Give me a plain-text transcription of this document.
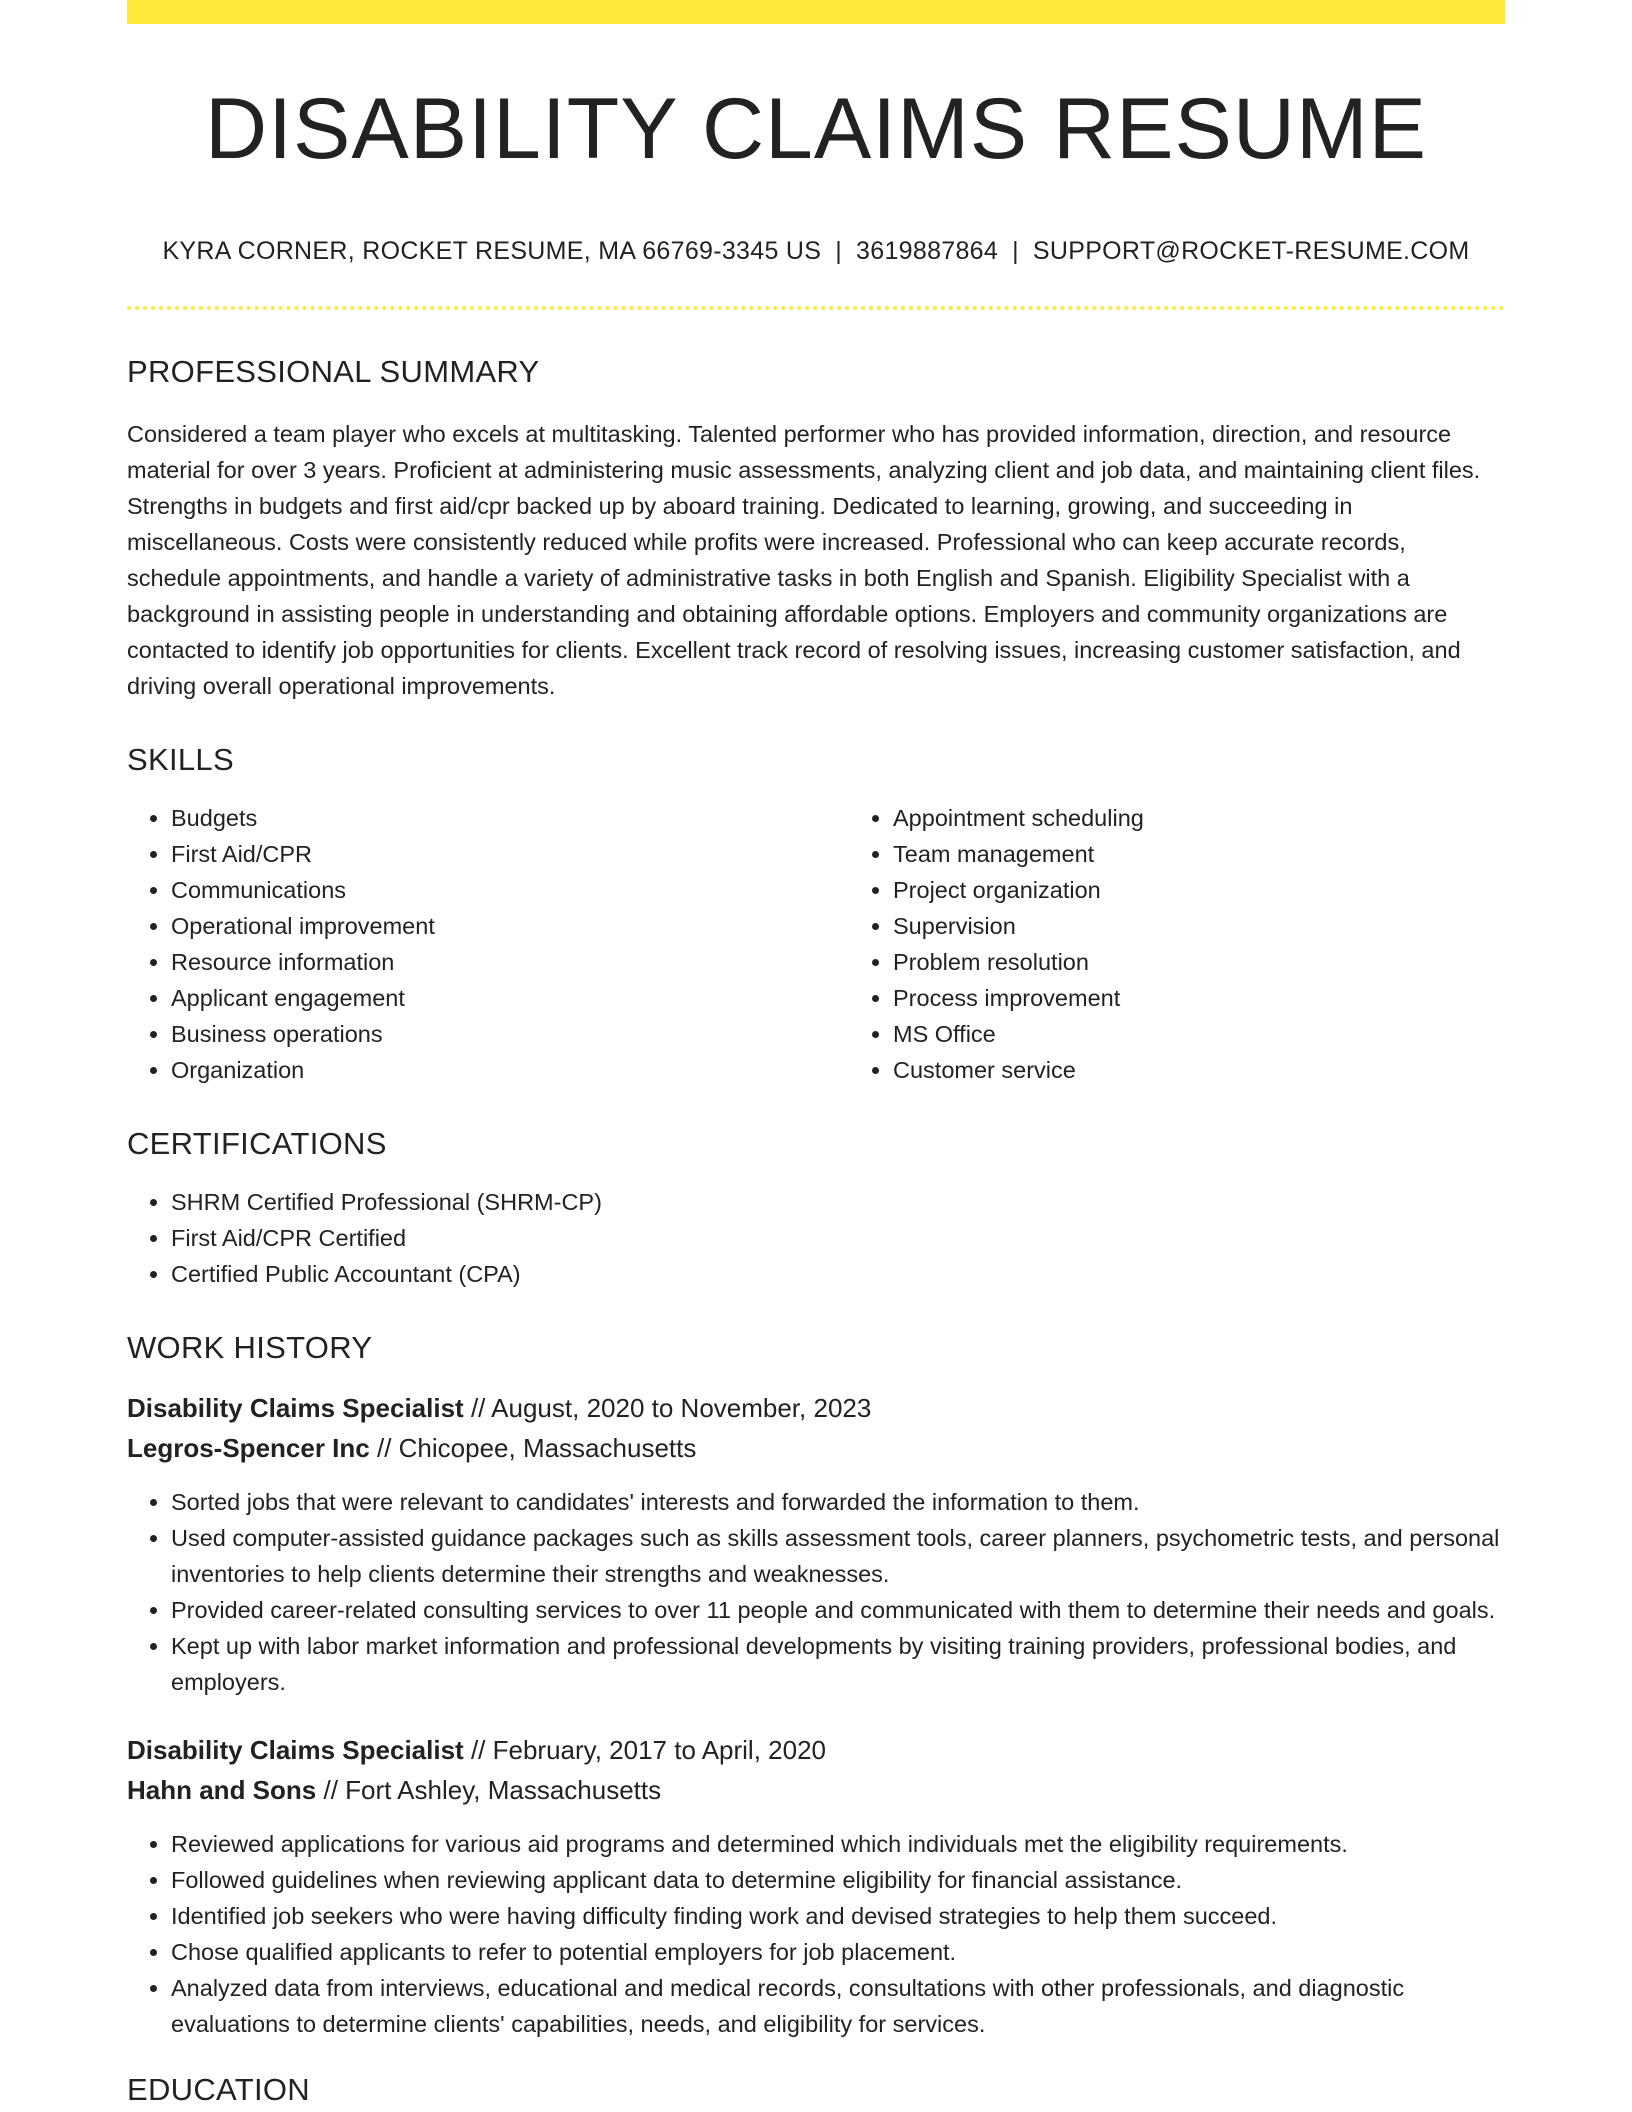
DISABILITY CLAIMS RESUME
KYRA CORNER, ROCKET RESUME, MA 66769-3345 US | 3619887864 | SUPPORT@ROCKET-RESUME.COM
PROFESSIONAL SUMMARY
Considered a team player who excels at multitasking. Talented performer who has provided information, direction, and resource material for over 3 years. Proficient at administering music assessments, analyzing client and job data, and maintaining client files. Strengths in budgets and first aid/cpr backed up by aboard training. Dedicated to learning, growing, and succeeding in miscellaneous. Costs were consistently reduced while profits were increased. Professional who can keep accurate records, schedule appointments, and handle a variety of administrative tasks in both English and Spanish. Eligibility Specialist with a background in assisting people in understanding and obtaining affordable options. Employers and community organizations are contacted to identify job opportunities for clients. Excellent track record of resolving issues, increasing customer satisfaction, and driving overall operational improvements.
SKILLS
• Budgets
• First Aid/CPR
• Communications
• Operational improvement
• Resource information
• Applicant engagement
• Business operations
• Organization
• Appointment scheduling
• Team management
• Project organization
• Supervision
• Problem resolution
• Process improvement
• MS Office
• Customer service
CERTIFICATIONS
• SHRM Certified Professional (SHRM-CP)
• First Aid/CPR Certified
• Certified Public Accountant (CPA)
WORK HISTORY
Disability Claims Specialist // August, 2020 to November, 2023
Legros-Spencer Inc // Chicopee, Massachusetts
• Sorted jobs that were relevant to candidates' interests and forwarded the information to them.
• Used computer-assisted guidance packages such as skills assessment tools, career planners, psychometric tests, and personal inventories to help clients determine their strengths and weaknesses.
• Provided career-related consulting services to over 11 people and communicated with them to determine their needs and goals.
• Kept up with labor market information and professional developments by visiting training providers, professional bodies, and employers.
Disability Claims Specialist // February, 2017 to April, 2020
Hahn and Sons // Fort Ashley, Massachusetts
• Reviewed applications for various aid programs and determined which individuals met the eligibility requirements.
• Followed guidelines when reviewing applicant data to determine eligibility for financial assistance.
• Identified job seekers who were having difficulty finding work and devised strategies to help them succeed.
• Chose qualified applicants to refer to potential employers for job placement.
• Analyzed data from interviews, educational and medical records, consultations with other professionals, and diagnostic evaluations to determine clients' capabilities, needs, and eligibility for services.
EDUCATION
